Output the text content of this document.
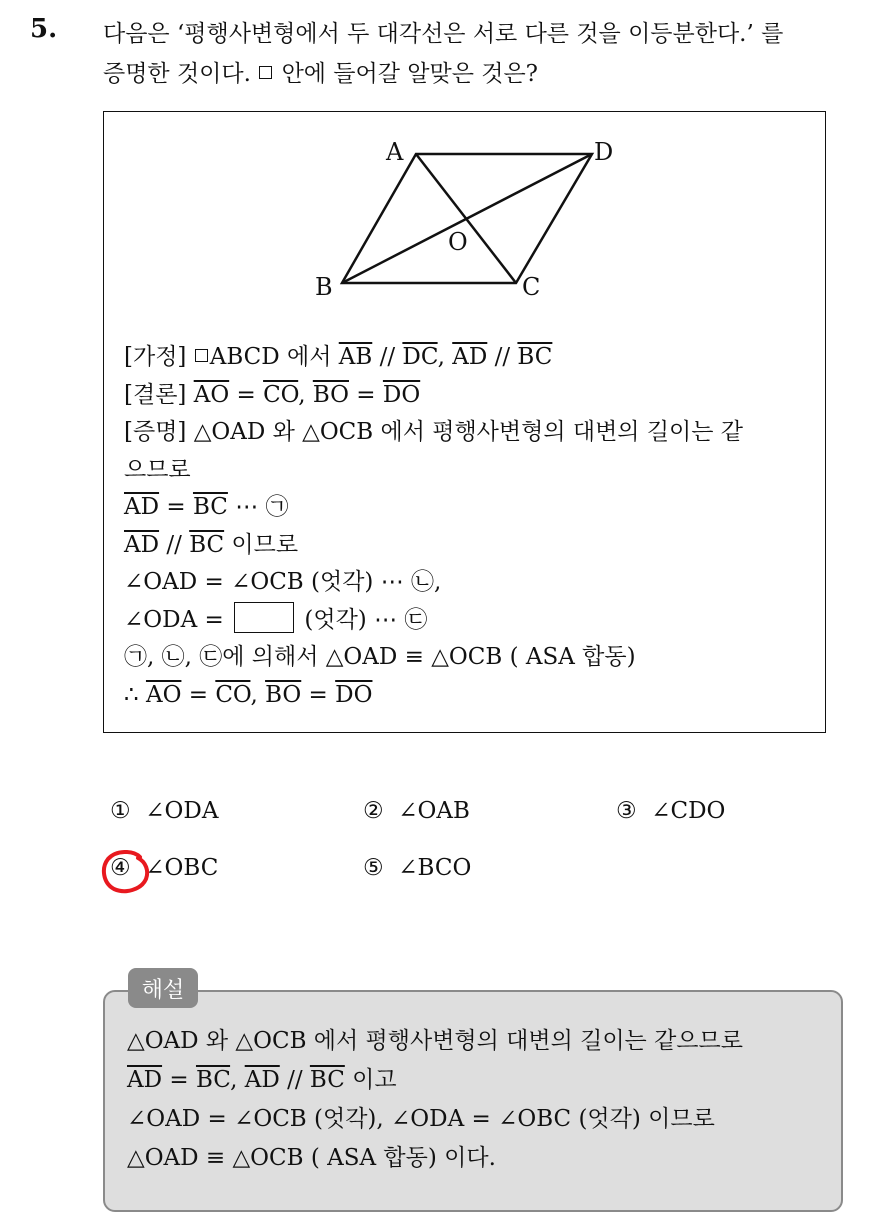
5. 다음은 ‘평행사변형에서 두 대각선은 서로 다른 것을 이등분한다.’ 를
증명한 것이다. 안에 들어갈 알맞은 것은?
A	D
B	C
O
[가정] ABCD 에서 $\overline{AB} // \overline{DC}$, $\overline{AD} // \overline{BC}$
[결론] $\overline{AO} = \overline{CO}$, $\overline{BO} = \overline{DO}$
[증명] △OAD 와 △OCB 에서 평행사변형의 대변의 길이는 같
으므로
$\overline{AD} = \overline{BC}$ ⋯ ㉠
$\overline{AD} // \overline{BC}$ 이므로
∠OAD = ∠OCB (엇각) ⋯ ㉡,
∠ODA =	(엇각) ⋯ ㉢
㉠, ㉡, ㉢에 의해서 △OAD ≡ △OCB ( ASA 합동)
∴ $\overline{AO} = \overline{CO}$, $\overline{BO} = \overline{DO}$
① ∠ODA	② ∠OAB	③ ∠CDO
④ ∠OBC	⑤ ∠BCO
△OAD 와 △OCB 에서 평행사변형의 대변의 길이는 같으므로
$\overline{AD} = \overline{BC}$, $\overline{AD} // \overline{BC}$ 이고
∠OAD = ∠OCB (엇각), ∠ODA = ∠OBC (엇각) 이므로
△OAD ≡ △OCB ( ASA 합동) 이다.
해설
